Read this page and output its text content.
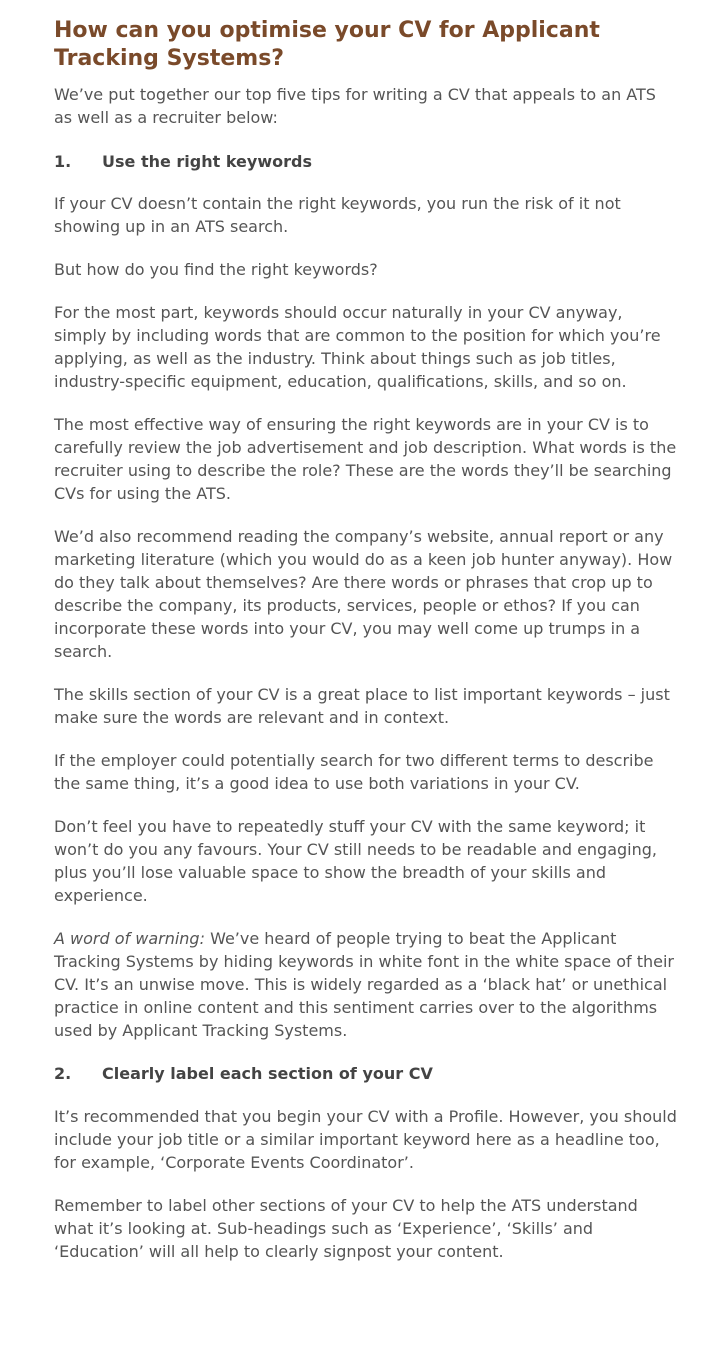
How can you optimise your CV for Applicant Tracking Systems?

We’ve put together our top five tips for writing a CV that appeals to an ATS as well as a recruiter below:

1.	Use the right keywords

If your CV doesn’t contain the right keywords, you run the risk of it not showing up in an ATS search.

But how do you find the right keywords?

For the most part, keywords should occur naturally in your CV anyway, simply by including words that are common to the position for which you’re applying, as well as the industry. Think about things such as job titles, industry-specific equipment, education, qualifications, skills, and so on.

The most effective way of ensuring the right keywords are in your CV is to carefully review the job advertisement and job description. What words is the recruiter using to describe the role? These are the words they’ll be searching CVs for using the ATS.

We’d also recommend reading the company’s website, annual report or any marketing literature (which you would do as a keen job hunter anyway). How do they talk about themselves? Are there words or phrases that crop up to describe the company, its products, services, people or ethos? If you can incorporate these words into your CV, you may well come up trumps in a search.

The skills section of your CV is a great place to list important keywords – just make sure the words are relevant and in context.

If the employer could potentially search for two different terms to describe the same thing, it’s a good idea to use both variations in your CV.

Don’t feel you have to repeatedly stuff your CV with the same keyword; it won’t do you any favours. Your CV still needs to be readable and engaging, plus you’ll lose valuable space to show the breadth of your skills and experience.

A word of warning: We’ve heard of people trying to beat the Applicant Tracking Systems by hiding keywords in white font in the white space of their CV. It’s an unwise move. This is widely regarded as a ‘black hat’ or unethical practice in online content and this sentiment carries over to the algorithms used by Applicant Tracking Systems.

2.	Clearly label each section of your CV

It’s recommended that you begin your CV with a Profile. However, you should include your job title or a similar important keyword here as a headline too, for example, ‘Corporate Events Coordinator’.

Remember to label other sections of your CV to help the ATS understand what it’s looking at. Sub-headings such as ‘Experience’, ‘Skills’ and ‘Education’ will all help to clearly signpost your content.
